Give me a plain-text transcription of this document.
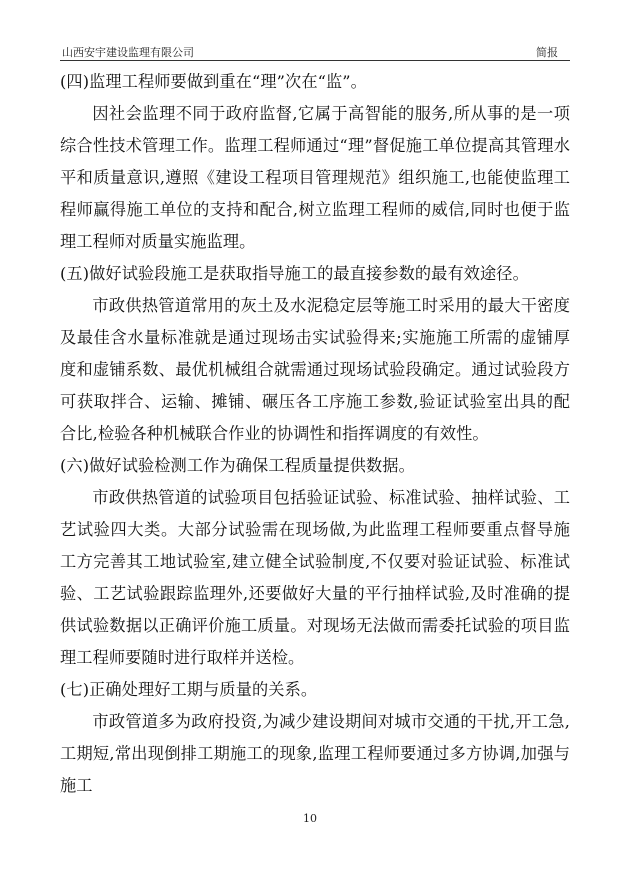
山西安宇建设监理有限公司	简报

(四)监理工程师要做到重在“理”次在“监”。

因社会监理不同于政府监督,它属于高智能的服务,所从事的是一项综合性技术管理工作。监理工程师通过“理”督促施工单位提高其管理水平和质量意识,遵照《建设工程项目管理规范》组织施工,也能使监理工程师赢得施工单位的支持和配合,树立监理工程师的威信,同时也便于监理工程师对质量实施监理。

(五)做好试验段施工是获取指导施工的最直接参数的最有效途径。

市政供热管道常用的灰土及水泥稳定层等施工时采用的最大干密度及最佳含水量标准就是通过现场击实试验得来;实施施工所需的虚铺厚度和虚铺系数、最优机械组合就需通过现场试验段确定。通过试验段方可获取拌合、运输、摊铺、碾压各工序施工参数,验证试验室出具的配合比,检验各种机械联合作业的协调性和指挥调度的有效性。

(六)做好试验检测工作为确保工程质量提供数据。

市政供热管道的试验项目包括验证试验、标准试验、抽样试验、工艺试验四大类。大部分试验需在现场做,为此监理工程师要重点督导施工方完善其工地试验室,建立健全试验制度,不仅要对验证试验、标准试验、工艺试验跟踪监理外,还要做好大量的平行抽样试验,及时准确的提供试验数据以正确评价施工质量。对现场无法做而需委托试验的项目监理工程师要随时进行取样并送检。

(七)正确处理好工期与质量的关系。

市政管道多为政府投资,为减少建设期间对城市交通的干扰,开工急,工期短,常出现倒排工期施工的现象,监理工程师要通过多方协调,加强与施工

10
